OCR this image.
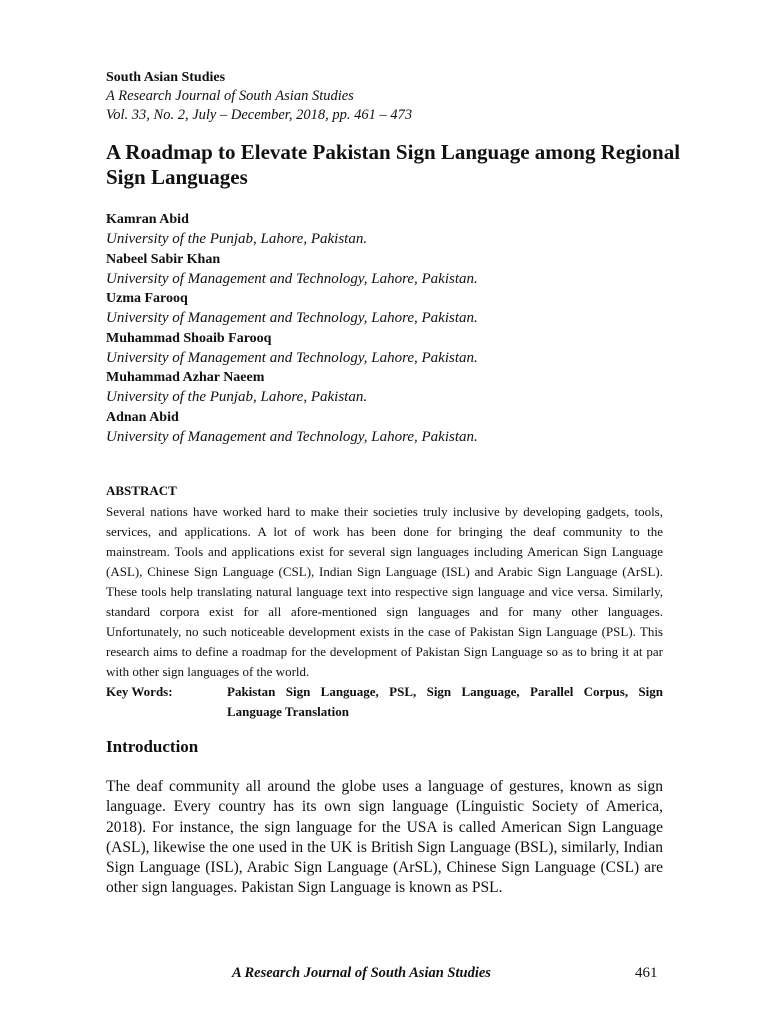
South Asian Studies

A Research Journal of South Asian Studies

Vol. 33, No. 2, July – December, 2018, pp. 461 – 473

A Roadmap to Elevate Pakistan Sign Language among Regional Sign Languages

Kamran Abid

University of the Punjab, Lahore, Pakistan.

Nabeel Sabir Khan

University of Management and Technology, Lahore, Pakistan.

Uzma Farooq

University of Management and Technology, Lahore, Pakistan.

Muhammad Shoaib Farooq

University of Management and Technology, Lahore, Pakistan.

Muhammad Azhar Naeem

University of the Punjab, Lahore, Pakistan.

Adnan Abid

University of Management and Technology, Lahore, Pakistan.

ABSTRACT

Several nations have worked hard to make their societies truly inclusive by developing gadgets, tools, services, and applications. A lot of work has been done for bringing the deaf community to the mainstream. Tools and applications exist for several sign languages including American Sign Language (ASL), Chinese Sign Language (CSL), Indian Sign Language (ISL) and Arabic Sign Language (ArSL). These tools help translating natural language text into respective sign language and vice versa. Similarly, standard corpora exist for all afore-mentioned sign languages and for many other languages. Unfortunately, no such noticeable development exists in the case of Pakistan Sign Language (PSL). This research aims to define a roadmap for the development of Pakistan Sign Language so as to bring it at par with other sign languages of the world.

Key Words:	Pakistan Sign Language, PSL, Sign Language, Parallel Corpus, Sign Language Translation
Introduction

The deaf community all around the globe uses a language of gestures, known as sign language. Every country has its own sign language (Linguistic Society of America, 2018). For instance, the sign language for the USA is called American Sign Language (ASL), likewise the one used in the UK is British Sign Language (BSL), similarly, Indian Sign Language (ISL), Arabic Sign Language (ArSL), Chinese Sign Language (CSL) are other sign languages. Pakistan Sign Language is known as PSL.

A Research Journal of South Asian Studies	461
